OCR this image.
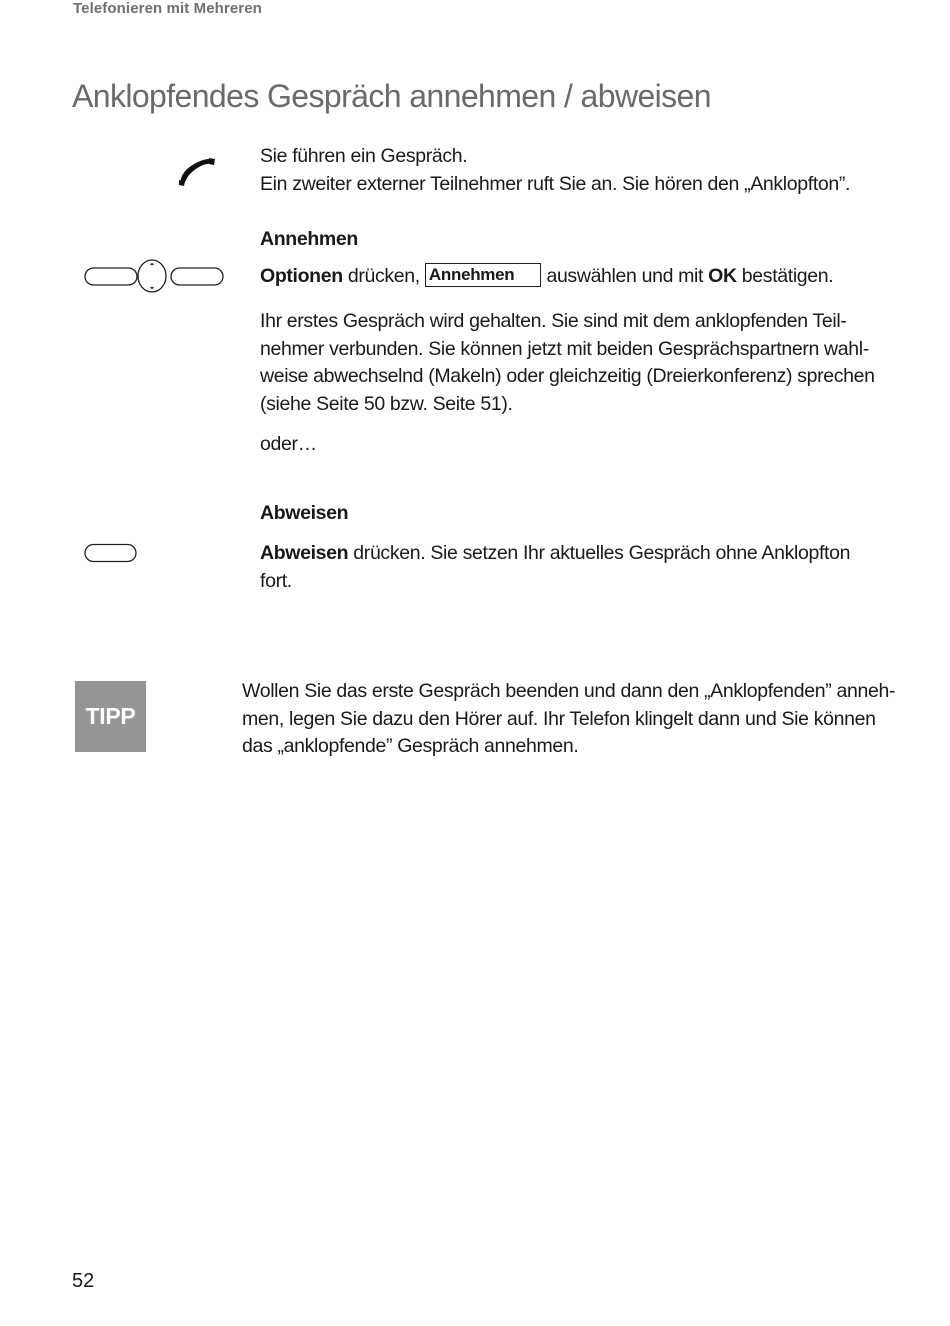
Telefonieren mit Mehreren
Anklopfendes Gespräch annehmen / abweisen

Sie führen ein Gespräch.

Ein zweiter externer Teilnehmer ruft Sie an. Sie hören den „Anklopfton”.

Annehmen
Optionen drücken, Annehmen auswählen und mit OK bestätigen.

Ihr erstes Gespräch wird gehalten. Sie sind mit dem anklopfenden Teil-

nehmer verbunden. Sie können jetzt mit beiden Gesprächspartnern wahl-

weise abwechselnd (Makeln) oder gleichzeitig (Dreierkonferenz) sprechen

(siehe Seite 50 bzw. Seite 51).

oder…
Abweisen

Abweisen drücken. Sie setzen Ihr aktuelles Gespräch ohne Anklopfton

fort.

TIPP

Wollen Sie das erste Gespräch beenden und dann den „Anklopfenden” anneh-

men, legen Sie dazu den Hörer auf. Ihr Telefon klingelt dann und Sie können

das „anklopfende” Gespräch annehmen.

52
